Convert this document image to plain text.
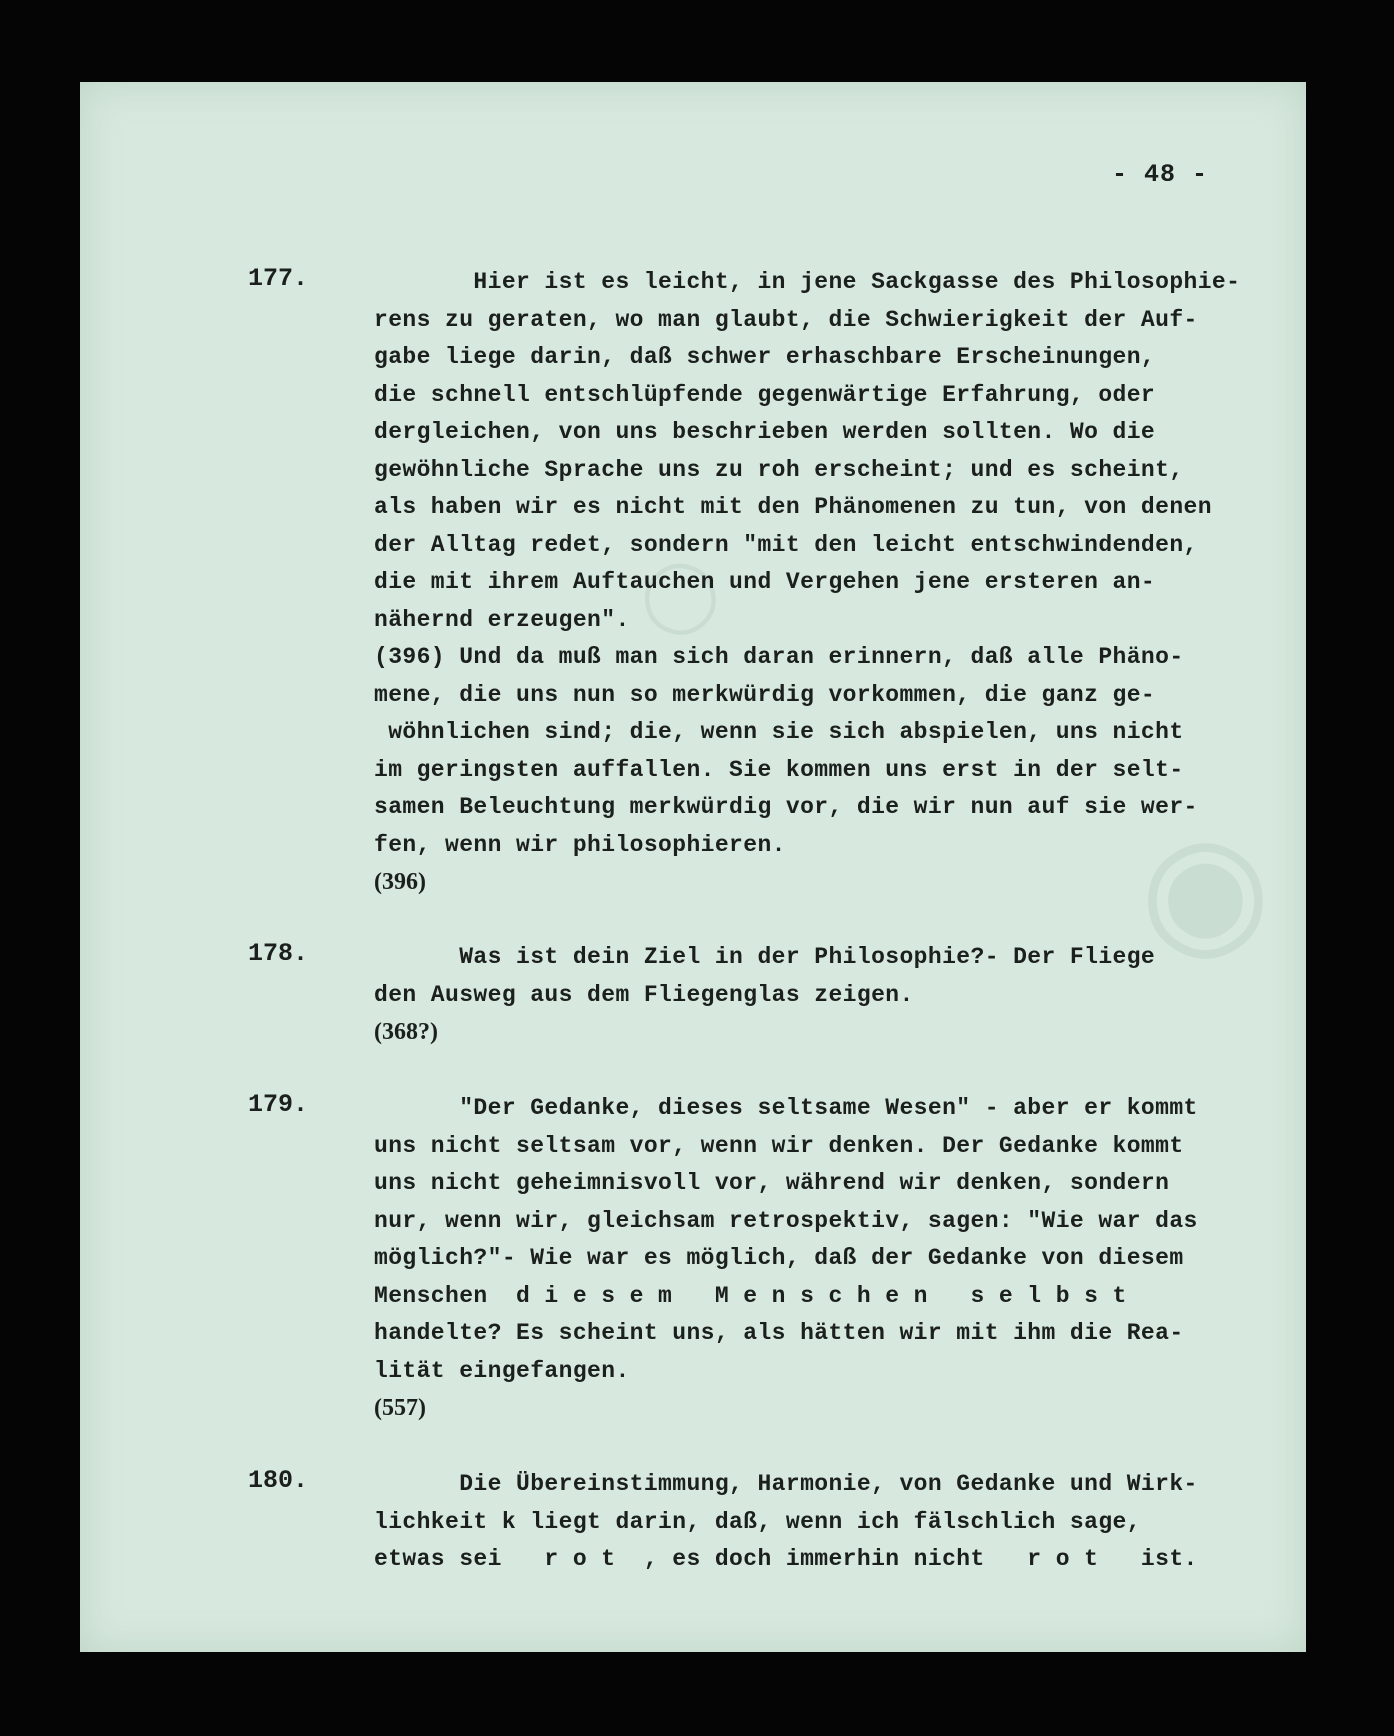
◯
◉
- 48 -
177.	Hier ist es leicht, in jene Sackgasse des Philosophie-
rens zu geraten, wo man glaubt, die Schwierigkeit der Auf-
gabe liege darin, daß schwer erhaschbare Erscheinungen,
die schnell entschlüpfende gegenwärtige Erfahrung, oder
dergleichen, von uns beschrieben werden sollten. Wo die
gewöhnliche Sprache uns zu roh erscheint; und es scheint,
als haben wir es nicht mit den Phänomenen zu tun, von denen
der Alltag redet, sondern "mit den leicht entschwindenden,
die mit ihrem Auftauchen und Vergehen jene ersteren an-
nähernd erzeugen".
(396) Und da muß man sich daran erinnern, daß alle Phäno-
mene, die uns nun so merkwürdig vorkommen, die ganz ge-
wöhnlichen sind; die, wenn sie sich abspielen, uns nicht
im geringsten auffallen. Sie kommen uns erst in der selt-
samen Beleuchtung merkwürdig vor, die wir nun auf sie wer-
fen, wenn wir philosophieren.
(396)
178.	Was ist dein Ziel in der Philosophie?- Der Fliege
den Ausweg aus dem Fliegenglas zeigen.
(368?)
179.	"Der Gedanke, dieses seltsame Wesen" - aber er kommt
uns nicht seltsam vor, wenn wir denken. Der Gedanke kommt
uns nicht geheimnisvoll vor, während wir denken, sondern
nur, wenn wir, gleichsam retrospektiv, sagen: "Wie war das
möglich?"- Wie war es möglich, daß der Gedanke von diesem
Menschen  d i e s e m   M e n s c h e n   s e l b s t
handelte? Es scheint uns, als hätten wir mit ihm die Rea-
lität eingefangen.
(557)
180.	Die Übereinstimmung, Harmonie, von Gedanke und Wirk-
lichkeit k liegt darin, daß, wenn ich fälschlich sage,
etwas sei   r o t  , es doch immerhin nicht   r o t   ist.
